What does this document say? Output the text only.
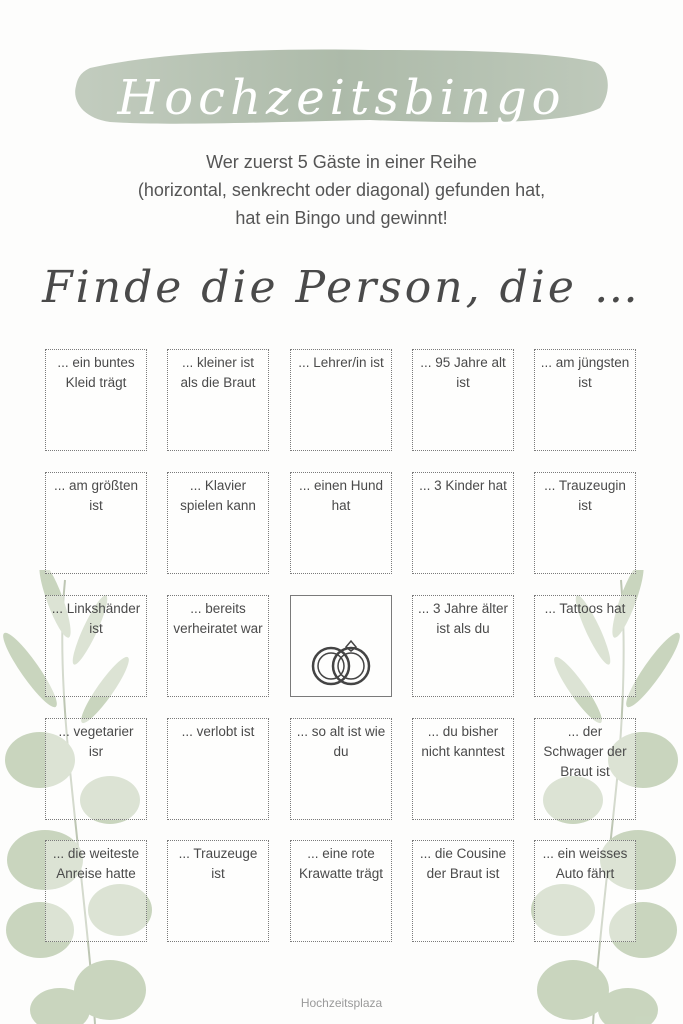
Hochzeitsbingo
Wer zuerst 5 Gäste in einer Reihe
(horizontal, senkrecht oder diagonal) gefunden hat,
hat ein Bingo und gewinnt!
Finde die Person, die …
... ein buntes Kleid trägt
... kleiner ist als die Braut
... Lehrer/in ist	... 95 Jahre alt ist
... am jüngsten ist
... am größten ist
... Klavier spielen kann
... einen Hund hat
... 3 Kinder hat	... Trauzeugin ist
... Linkshänder ist
... bereits verheiratet war
... 3 Jahre älter ist als du
... Tattoos hat
... vegetarier isr
... verlobt ist	... so alt ist wie du
... du bisher nicht kanntest
... der Schwager der Braut ist
... die weiteste Anreise hatte
... Trauzeuge ist
... eine rote Krawatte trägt
... die Cousine der Braut ist
... ein weisses Auto fährt
Hochzeitsplaza
